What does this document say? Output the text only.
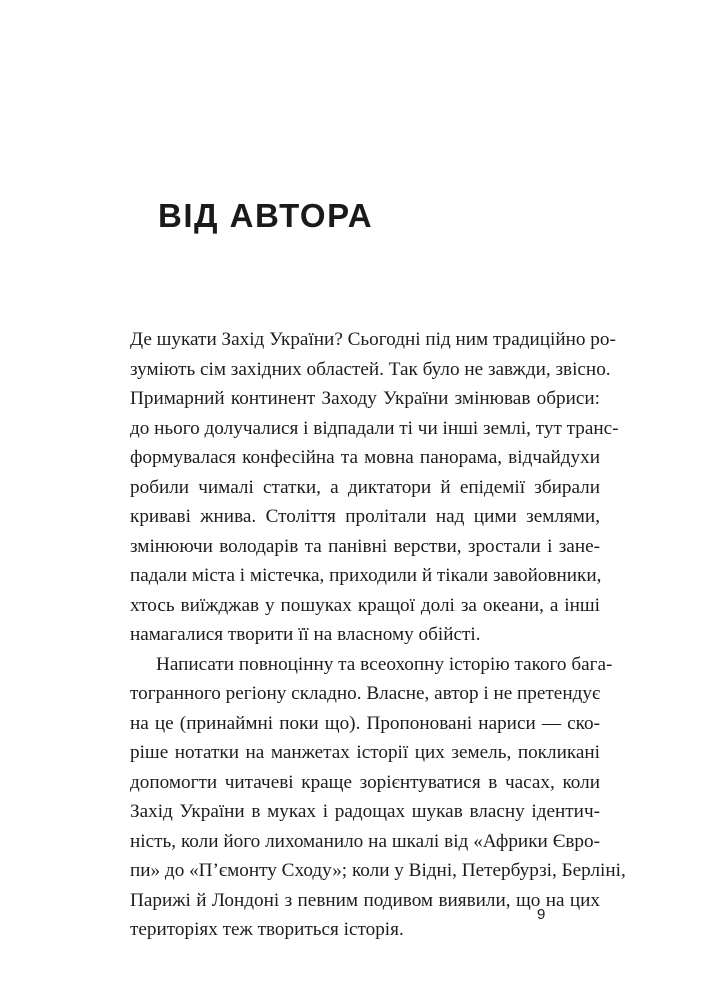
ВІД АВТОРА
Де шукати Захід України? Сьогодні під ним традиційно ро-
зуміють сім західних областей. Так було не завжди, звісно.
Примарний континент Заходу України змінював обриси:
до нього долучалися і відпадали ті чи інші землі, тут транс-
формувалася конфесійна та мовна панорама, відчайдухи
робили чималі статки, а диктатори й епідемії збирали
криваві жнива. Століття пролітали над цими землями,
змінюючи володарів та панівні верстви, зростали і зане-
падали міста і містечка, приходили й тікали завойовники,
хтось виїжджав у пошуках кращої долі за океани, а інші
намагалися творити її на власному обійсті.
Написати повноцінну та всеохопну історію такого бага-
тогранного регіону складно. Власне, автор і не претендує
на це (принаймні поки що). Пропоновані нариси — ско-
ріше нотатки на манжетах історії цих земель, покликані
допомогти читачеві краще зорієнтуватися в часах, коли
Захід України в муках і радощах шукав власну ідентич-
ність, коли його лихоманило на шкалі від «Африки Євро-
пи» до «П’ємонту Сходу»; коли у Відні, Петербурзі, Берліні,
Парижі й Лондоні з певним подивом виявили, що на цих
територіях теж твориться історія.
9
